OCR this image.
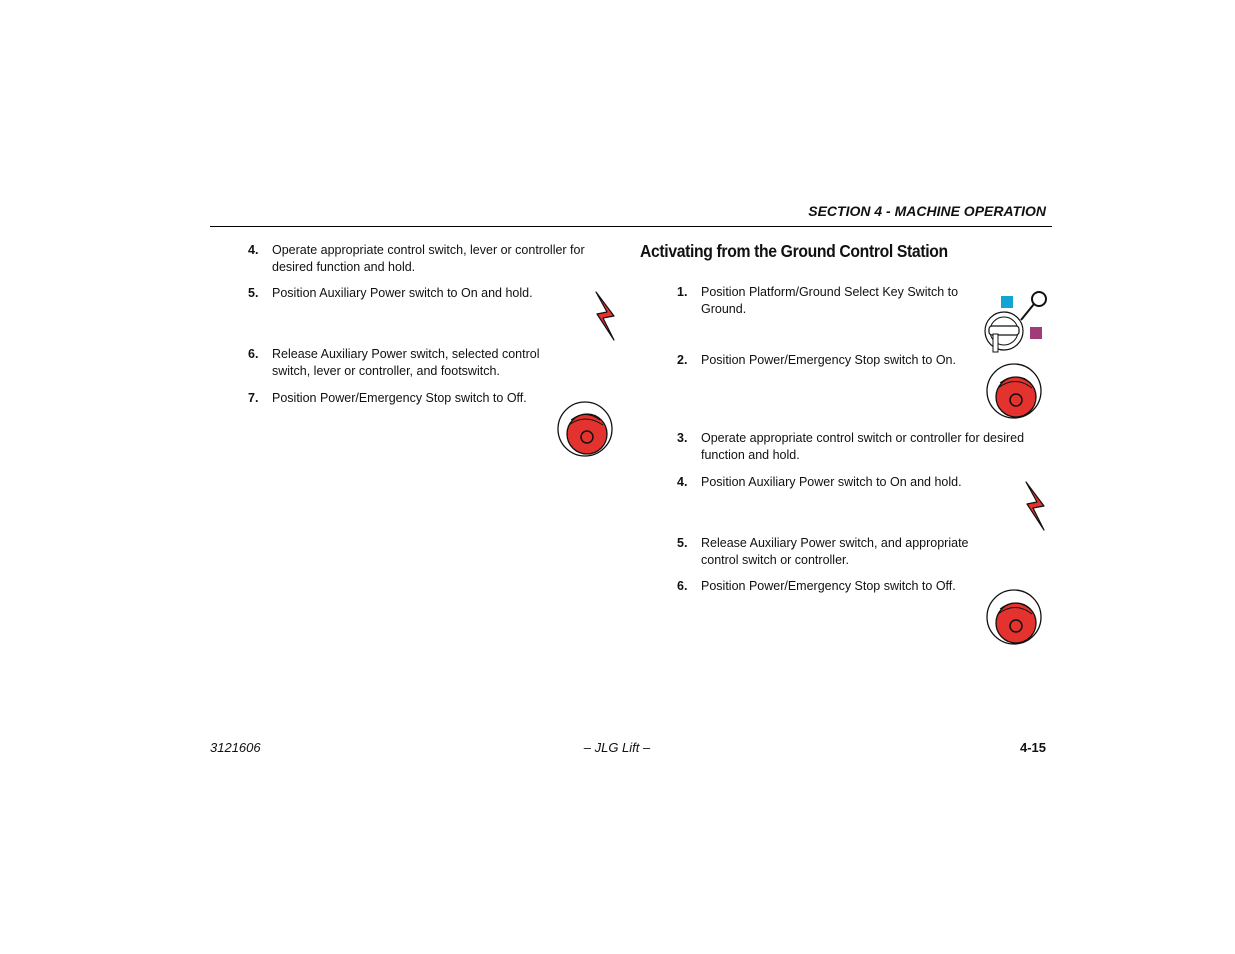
SECTION 4 - MACHINE OPERATION
4. Operate appropriate control switch, lever or controller for
desired function and hold.
5. Position Auxiliary Power switch to On and hold.
6. Release Auxiliary Power switch, selected control
switch, lever or controller, and footswitch.
7. Position Power/Emergency Stop switch to Off.
Activating from the Ground Control Station
1. Position Platform/Ground Select Key Switch to
Ground.
2. Position Power/Emergency Stop switch to On.
3. Operate appropriate control switch or controller for desired
function and hold.
4. Position Auxiliary Power switch to On and hold.
5. Release Auxiliary Power switch, and appropriate
control switch or controller.
6. Position Power/Emergency Stop switch to Off.
3121606	– JLG Lift –	4-15
